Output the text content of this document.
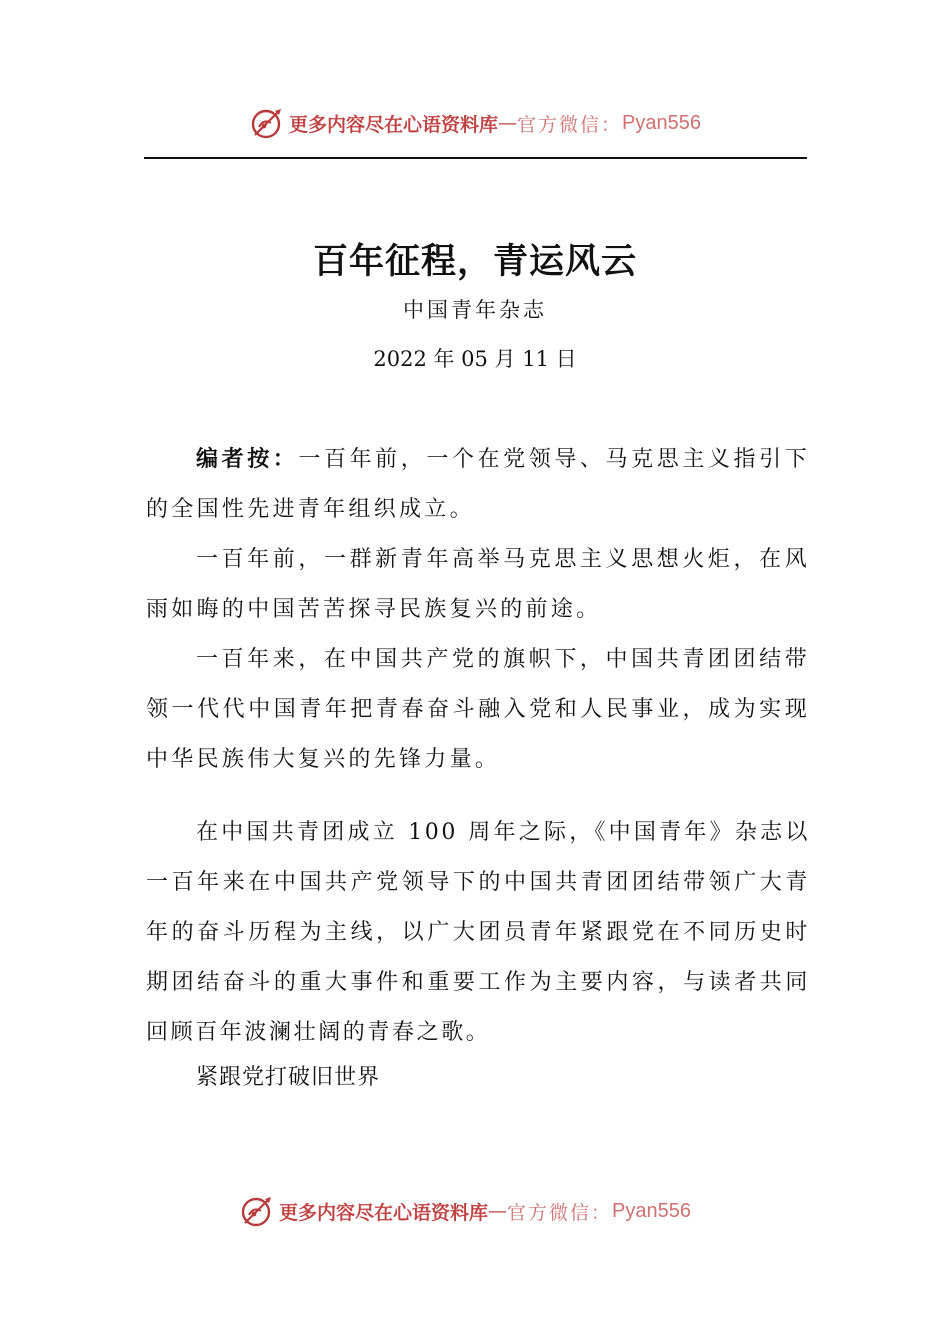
更多内容尽在心语资料库 — 官方微信： Pyan556
百年征程，青运风云
中国青年杂志
2022 年 05 月 11 日

编者按：一百年前，一个在党领导、马克思主义指引下的全国性先进青年组织成立。

一百年前，一群新青年高举马克思主义思想火炬，在风雨如晦的中国苦苦探寻民族复兴的前途。

一百年来，在中国共产党的旗帜下，中国共青团团结带领一代代中国青年把青春奋斗融入党和人民事业，成为实现中华民族伟大复兴的先锋力量。

在中国共青团成立 100 周年之际，《中国青年》杂志以一百年来在中国共产党领导下的中国共青团团结带领广大青年的奋斗历程为主线，以广大团员青年紧跟党在不同历史时期团结奋斗的重大事件和重要工作为主要内容，与读者共同回顾百年波澜壮阔的青春之歌。

紧跟党打破旧世界
更多内容尽在心语资料库 — 官方微信： Pyan556
